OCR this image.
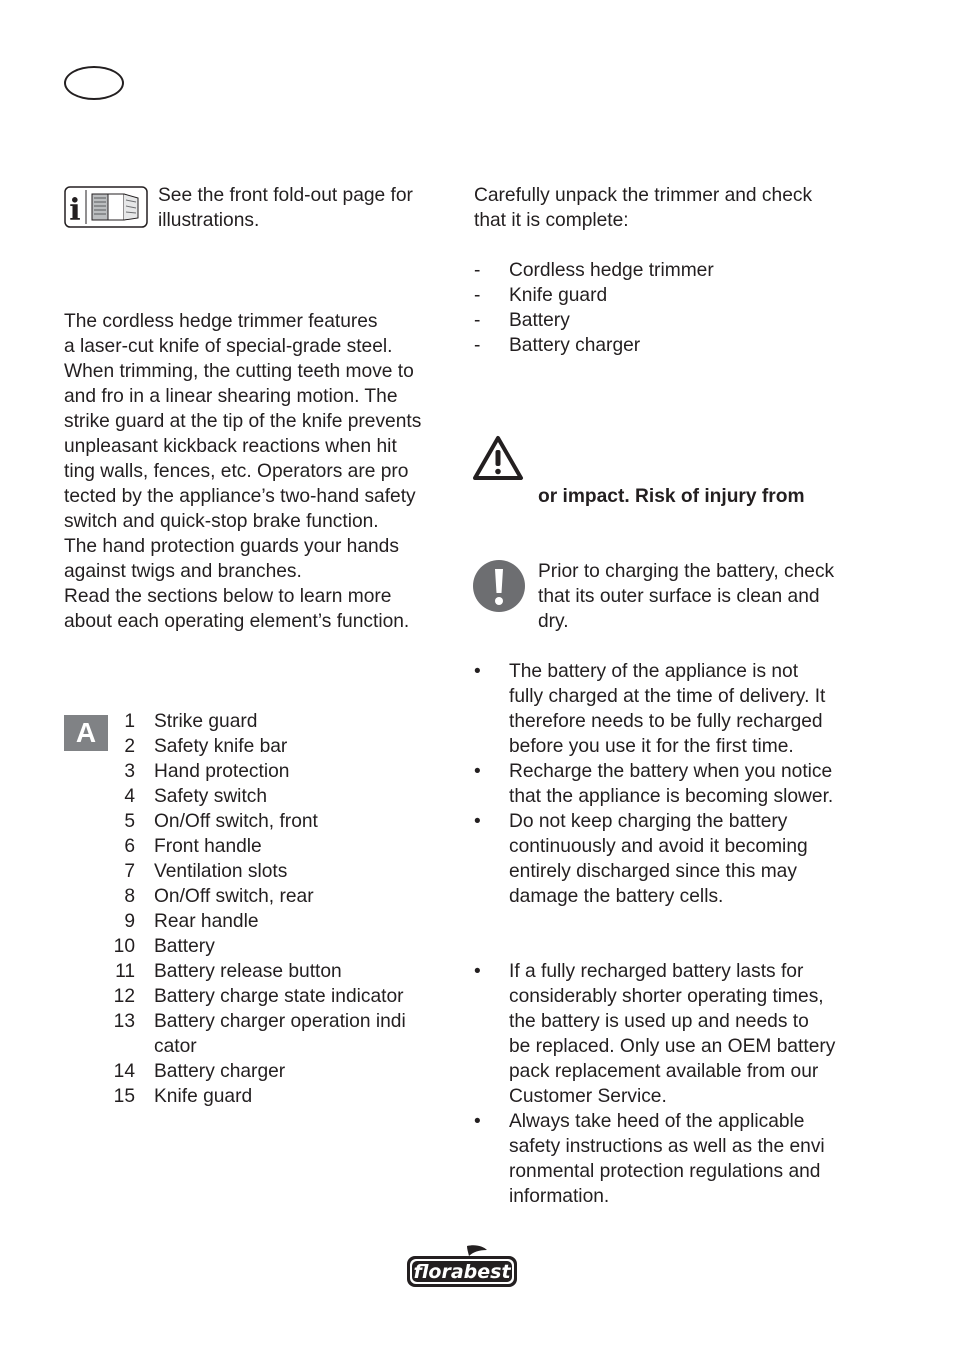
i	See the front fold-out page for
illustrations.
The cordless hedge trimmer features
a laser-cut knife of special-grade steel.
When trimming, the cutting teeth move to
and fro in a linear shearing motion. The
strike guard at the tip of the knife prevents
unpleasant kickback reactions when hit
ting walls, fences, etc. Operators are pro
tected by the appliance’s two-hand safety
switch and quick-stop brake function.
The hand protection guards your hands
against twigs and branches.
Read the sections below to learn more
about each operating element’s function.
A	1 Strike guard
2 Safety knife bar
3 Hand protection
4 Safety switch
5 On/Off switch, front
6 Front handle
7 Ventilation slots
8 On/Off switch, rear
9 Rear handle
10 Battery
11 Battery release button
12 Battery charge state indicator
13 Battery charger operation indi
cator
14 Battery charger
15 Knife guard
Carefully unpack the trimmer and check
that it is complete:
- Cordless hedge trimmer
- Knife guard
- Battery
- Battery charger
or impact. Risk of injury from
Prior to charging the battery, check
that its outer surface is clean and
dry.
• The battery of the appliance is not
fully charged at the time of delivery. It
therefore needs to be fully recharged
before you use it for the first time.
• Recharge the battery when you notice
that the appliance is becoming slower.
• Do not keep charging the battery
continuously and avoid it becoming
entirely discharged since this may
damage the battery cells.
• If a fully recharged battery lasts for
considerably shorter operating times,
the battery is used up and needs to
be replaced. Only use an OEM battery
pack replacement available from our
Customer Service.
• Always take heed of the applicable
safety instructions as well as the envi
ronmental protection regulations and
information.
florabest
